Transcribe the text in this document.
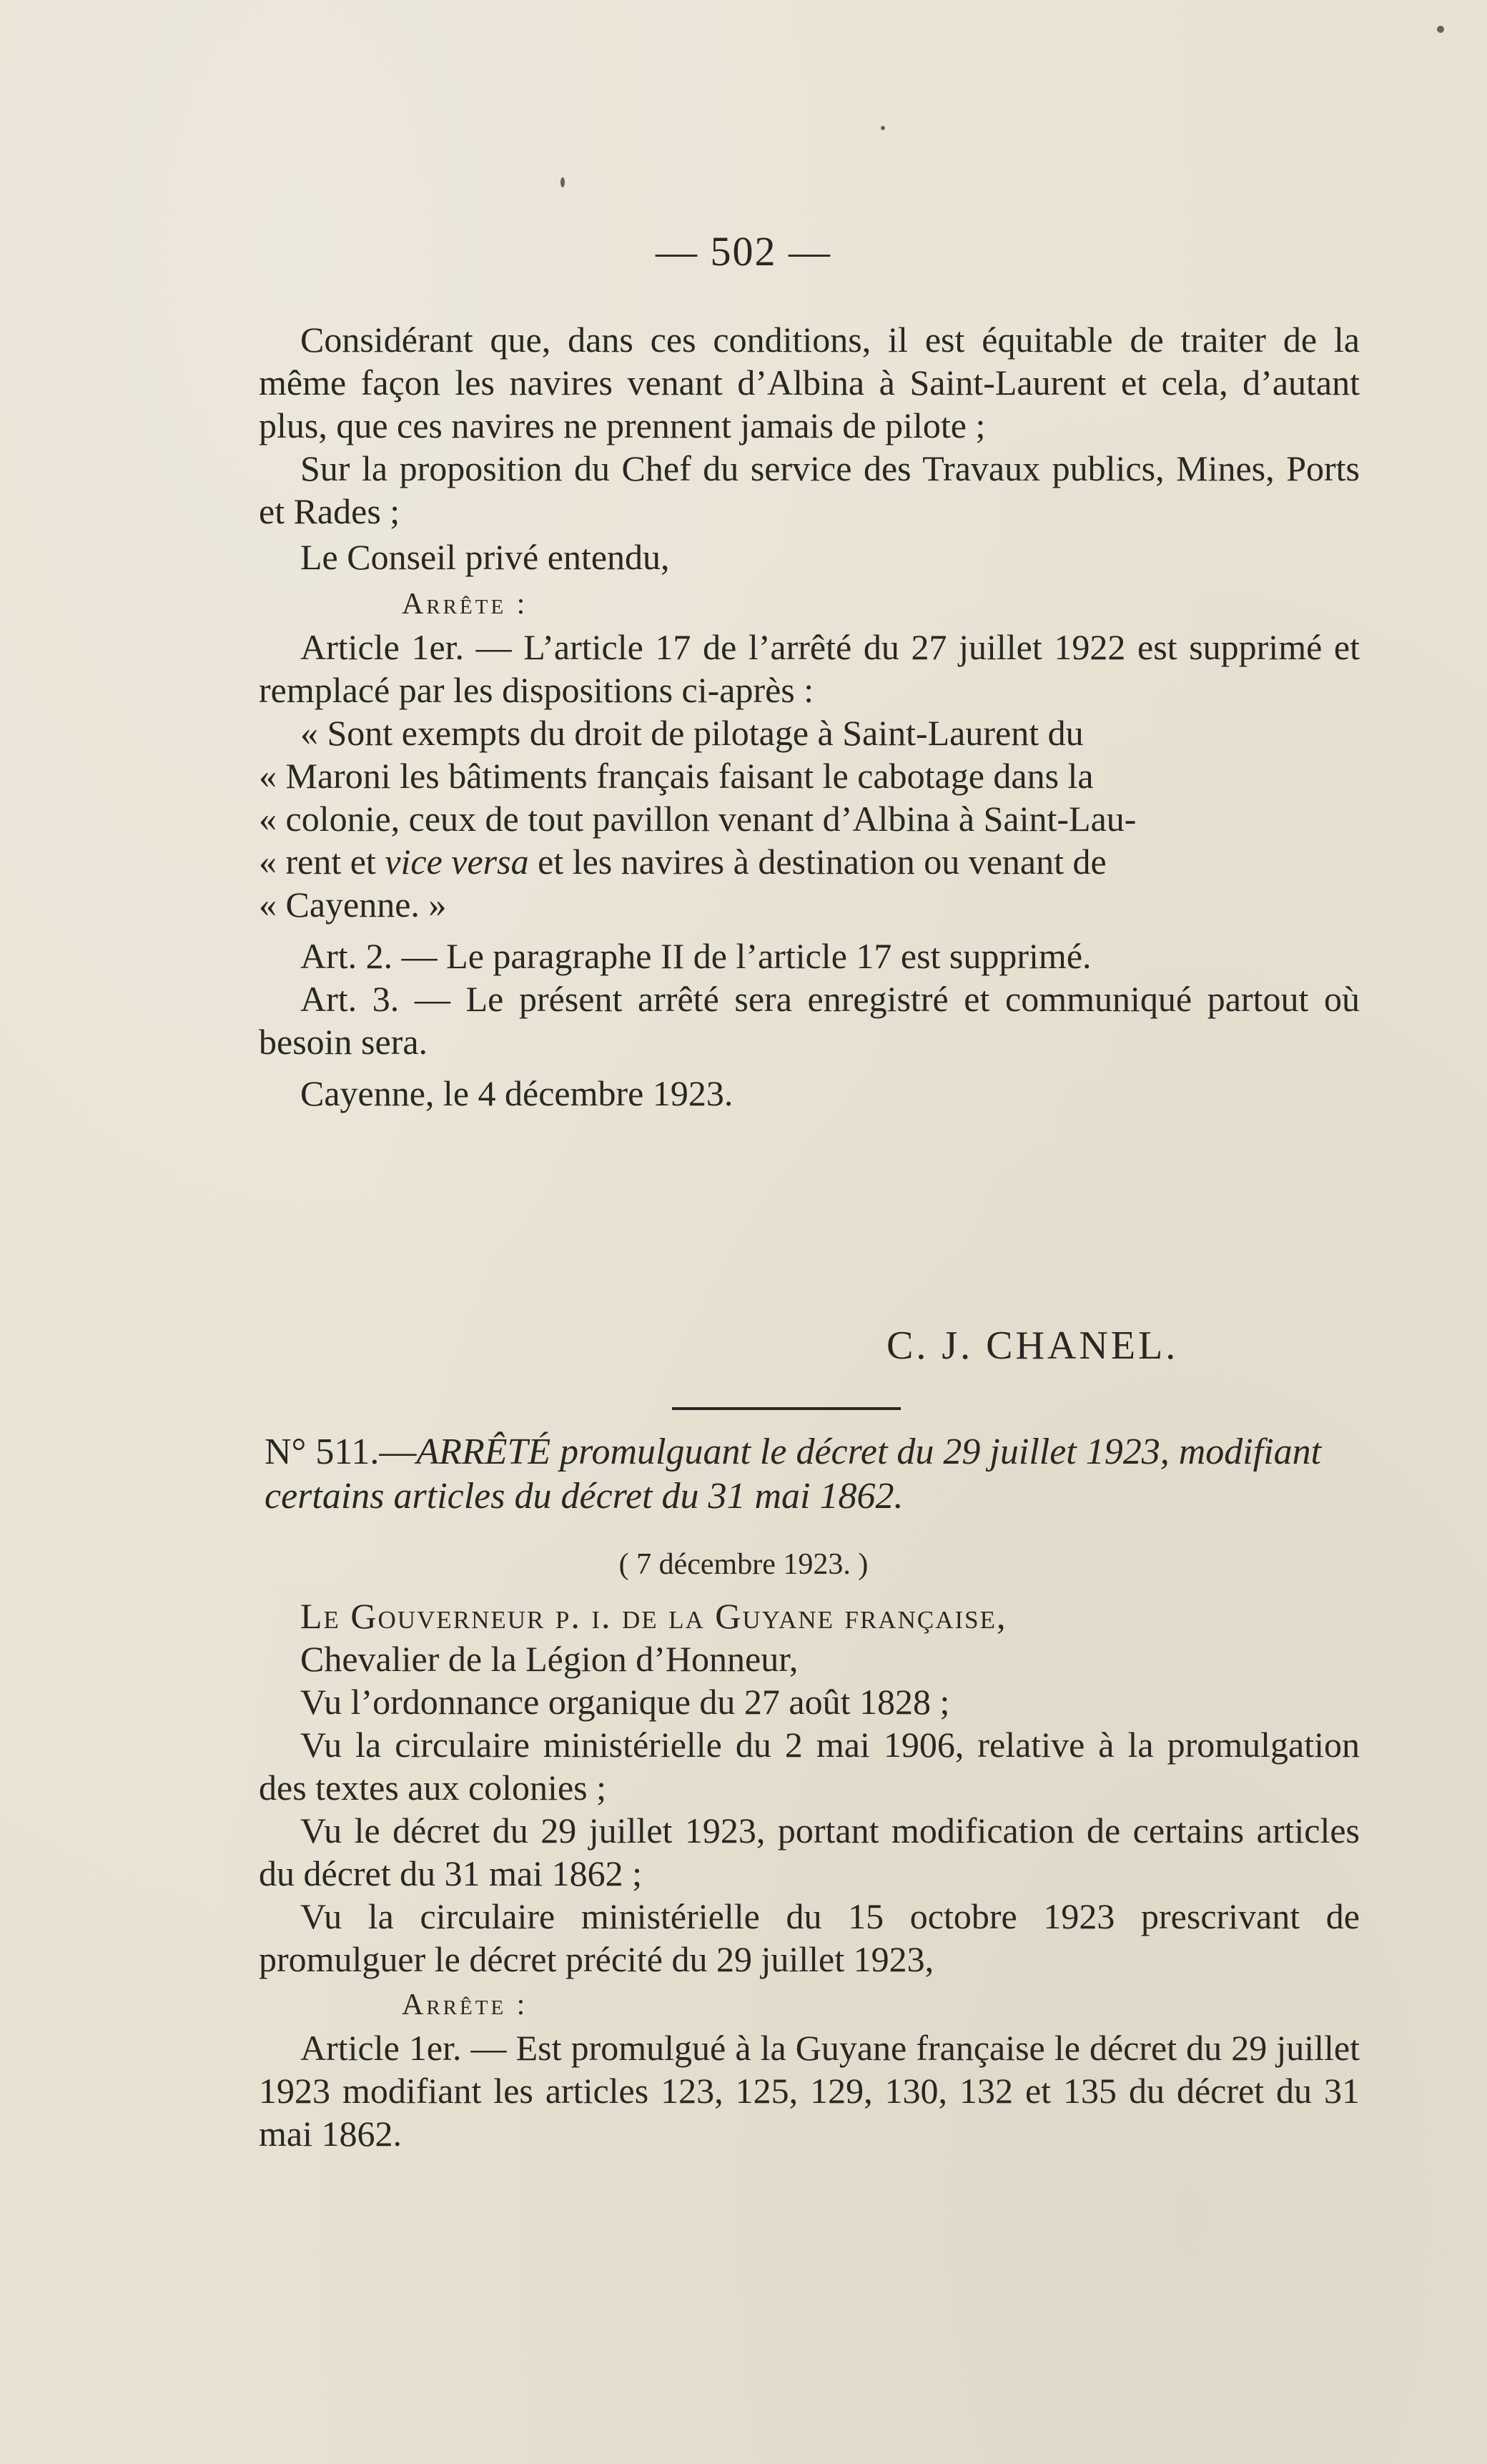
— 502 —

Considérant que, dans ces conditions, il est équitable de traiter de la même façon les navires venant d’Albina à Saint-Laurent et cela, d’autant plus, que ces navires ne prennent jamais de pilote ;

Sur la proposition du Chef du service des Travaux publics, Mines, Ports et Rades ;

Le Conseil privé entendu,

Arrête :

Article 1er. — L’article 17 de l’arrêté du 27 juillet 1922 est supprimé et remplacé par les dispositions ci-après :

« Sont exempts du droit de pilotage à Saint-Laurent du

« Maroni les bâtiments français faisant le cabotage dans la

« colonie, ceux de tout pavillon venant d’Albina à Saint-Lau-

« rent et vice versa et les navires à destination ou venant de

« Cayenne. »

Art. 2. — Le paragraphe II de l’article 17 est supprimé.

Art. 3. — Le présent arrêté sera enregistré et communiqué partout où besoin sera.

Cayenne, le 4 décembre 1923.

C. J. CHANEL.
N° 511.—ARRÊTÉ promulguant le décret du 29 juillet 1923, modifiant certains articles du décret du 31 mai 1862.
( 7 décembre 1923. )

Le Gouverneur p. i. de la Guyane française,

Chevalier de la Légion d’Honneur,

Vu l’ordonnance organique du 27 août 1828 ;

Vu la circulaire ministérielle du 2 mai 1906, relative à la promulgation des textes aux colonies ;

Vu le décret du 29 juillet 1923, portant modification de certains articles du décret du 31 mai 1862 ;

Vu la circulaire ministérielle du 15 octobre 1923 prescrivant de promulguer le décret précité du 29 juillet 1923,

Arrête :

Article 1er. — Est promulgué à la Guyane française le décret du 29 juillet 1923 modifiant les articles 123, 125, 129, 130, 132 et 135 du décret du 31 mai 1862.
